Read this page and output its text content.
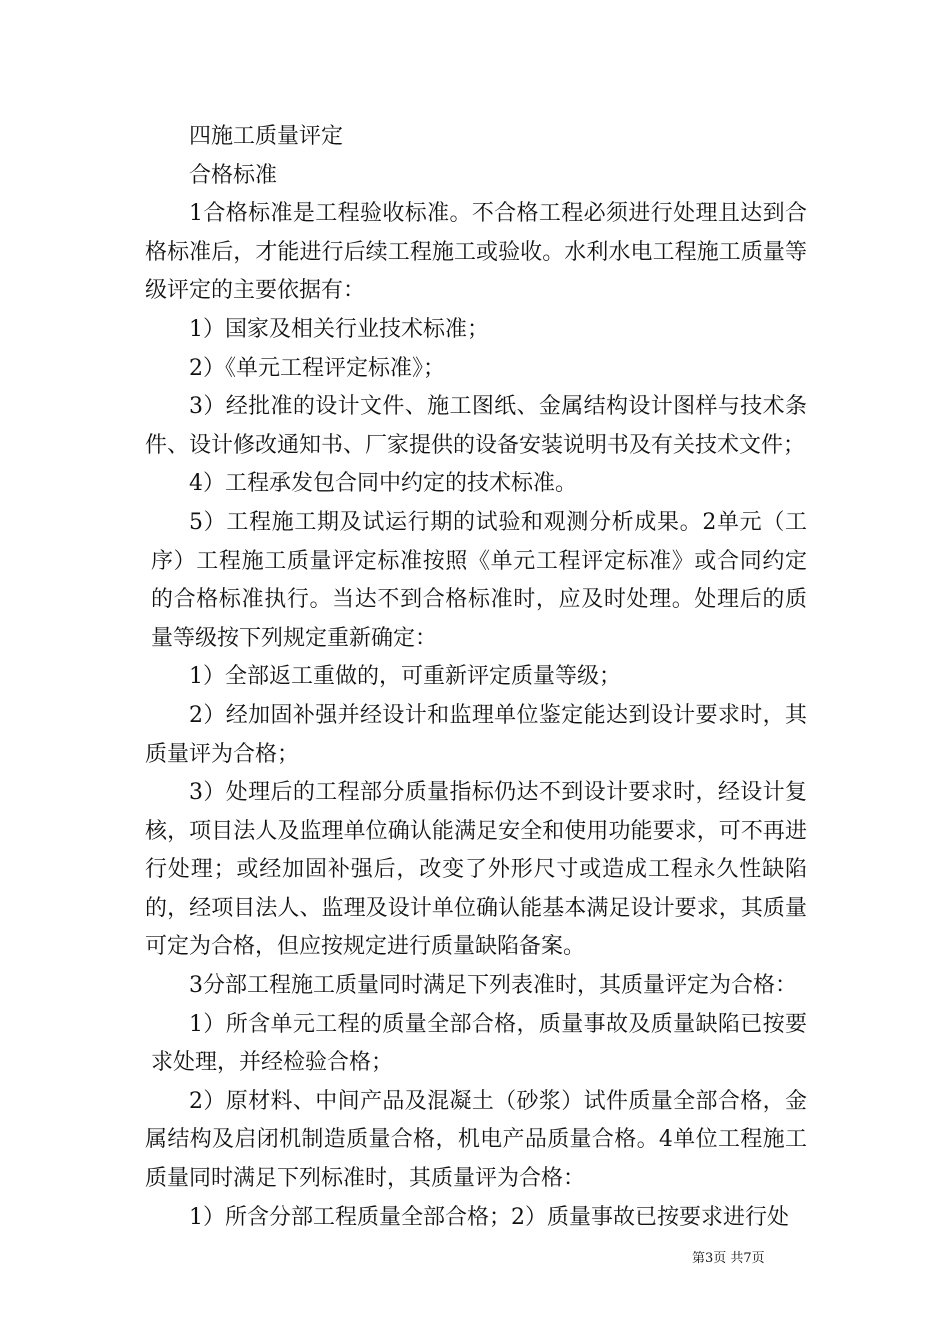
四施工质量评定

合格标准

1合格标准是工程验收标准。不合格工程必须进行处理且达到合格标准后，才能进行后续工程施工或验收。水利水电工程施工质量等级评定的主要依据有：

1）国家及相关行业技术标准；

2）《单元工程评定标准》；

3）经批准的设计文件、施工图纸、金属结构设计图样与技术条件、设计修改通知书、厂家提供的设备安装说明书及有关技术文件；

4）工程承发包合同中约定的技术标准。

5）工程施工期及试运行期的试验和观测分析成果。2单元（工序）工程施工质量评定标准按照《单元工程评定标准》或合同约定的合格标准执行。当达不到合格标准时，应及时处理。处理后的质量等级按下列规定重新确定：

1）全部返工重做的，可重新评定质量等级；

2）经加固补强并经设计和监理单位鉴定能达到设计要求时，其质量评为合格；

3）处理后的工程部分质量指标仍达不到设计要求时，经设计复核，项目法人及监理单位确认能满足安全和使用功能要求，可不再进行处理；或经加固补强后，改变了外形尺寸或造成工程永久性缺陷的，经项目法人、监理及设计单位确认能基本满足设计要求，其质量可定为合格，但应按规定进行质量缺陷备案。

3分部工程施工质量同时满足下列表准时，其质量评定为合格：

1）所含单元工程的质量全部合格，质量事故及质量缺陷已按要求处理，并经检验合格；

2）原材料、中间产品及混凝土（砂浆）试件质量全部合格，金属结构及启闭机制造质量合格，机电产品质量合格。4单位工程施工质量同时满足下列标准时，其质量评为合格：

1）所含分部工程质量全部合格；2）质量事故已按要求进行处

第3页 共7页
